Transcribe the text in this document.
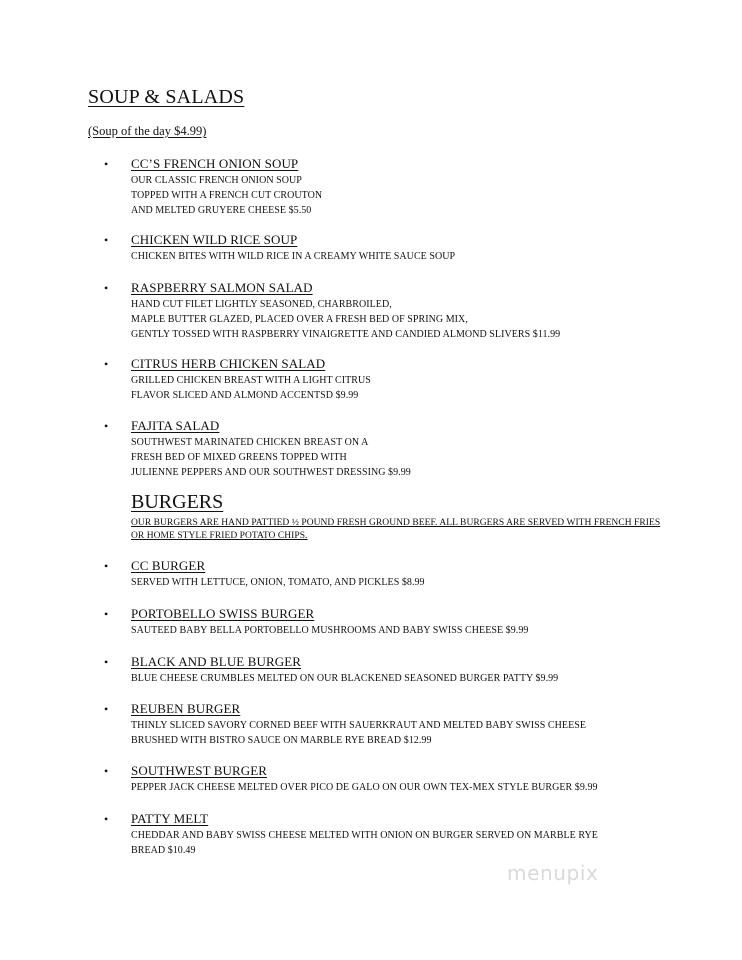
SOUP & SALADS
(Soup of the day $4.99)
•	CC’S FRENCH ONION SOUP
OUR CLASSIC FRENCH ONION SOUP
TOPPED WITH A FRENCH CUT CROUTON
AND MELTED GRUYERE CHEESE $5.50
•	CHICKEN WILD RICE SOUP
CHICKEN BITES WITH WILD RICE IN A CREAMY WHITE SAUCE SOUP
•	RASPBERRY SALMON SALAD
HAND CUT FILET LIGHTLY SEASONED, CHARBROILED,
MAPLE BUTTER GLAZED, PLACED OVER A FRESH BED OF SPRING MIX,
GENTLY TOSSED WITH RASPBERRY VINAIGRETTE AND CANDIED ALMOND SLIVERS $11.99
•	CITRUS HERB CHICKEN SALAD
GRILLED CHICKEN BREAST WITH A LIGHT CITRUS
FLAVOR SLICED AND ALMOND ACCENTSD $9.99
•	FAJITA SALAD
SOUTHWEST MARINATED CHICKEN BREAST ON A
FRESH BED OF MIXED GREENS TOPPED WITH
JULIENNE PEPPERS AND OUR SOUTHWEST DRESSING $9.99
BURGERS
OUR BURGERS ARE HAND PATTIED ½ POUND FRESH GROUND BEEF. ALL BURGERS ARE SERVED WITH FRENCH FRIES OR HOME STYLE FRIED POTATO CHIPS.
•	CC BURGER
SERVED WITH LETTUCE, ONION, TOMATO, AND PICKLES $8.99
•	PORTOBELLO SWISS BURGER
SAUTEED BABY BELLA PORTOBELLO MUSHROOMS AND BABY SWISS CHEESE $9.99
•	BLACK AND BLUE BURGER
BLUE CHEESE CRUMBLES MELTED ON OUR BLACKENED SEASONED BURGER PATTY $9.99
•	REUBEN BURGER
THINLY SLICED SAVORY CORNED BEEF WITH SAUERKRAUT AND MELTED BABY SWISS CHEESE
BRUSHED WITH BISTRO SAUCE ON MARBLE RYE BREAD $12.99
•	SOUTHWEST BURGER
PEPPER JACK CHEESE MELTED OVER PICO DE GALO ON OUR OWN TEX-MEX STYLE BURGER $9.99
•	PATTY MELT
CHEDDAR AND BABY SWISS CHEESE MELTED WITH ONION ON BURGER SERVED ON MARBLE RYE
BREAD $10.49
menupix
